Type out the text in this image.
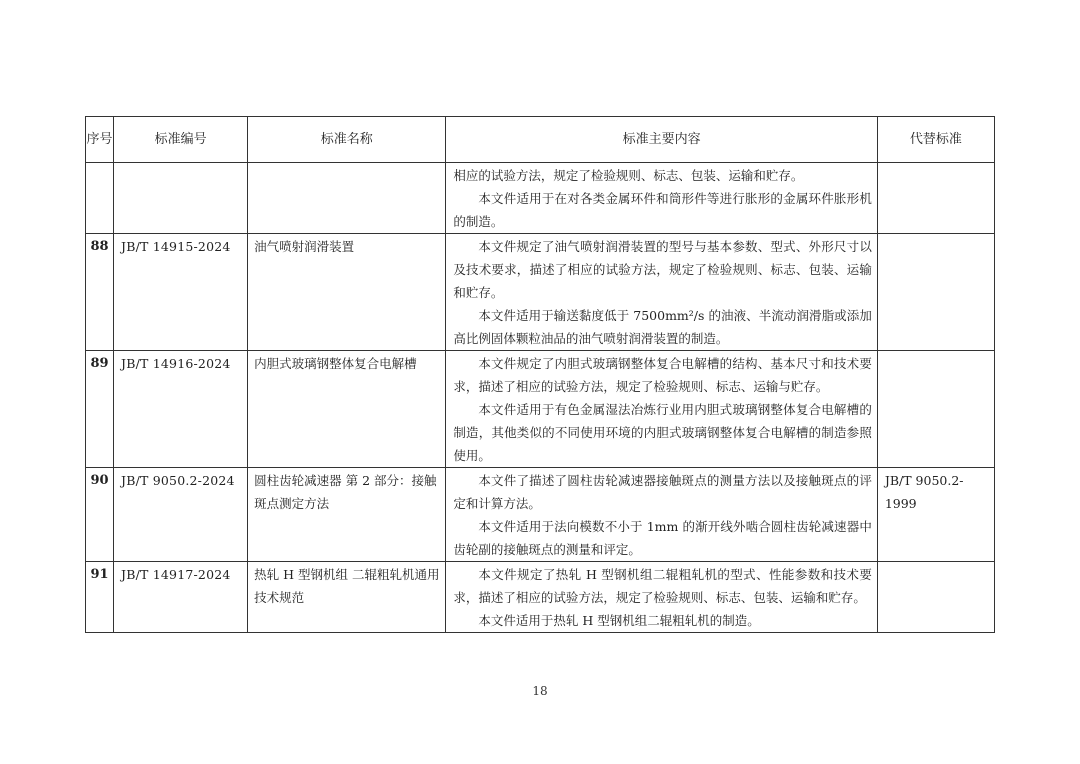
序号	标准编号	标准名称	标准主要内容	代替标准

			相应的试验方法，规定了检验规则、标志、包装、运输和贮存。

本文件适用于在对各类金属环件和筒形件等进行胀形的金属环件胀形机的制造。	

88	JB/T 14915-2024	油气喷射润滑装置	本文件规定了油气喷射润滑装置的型号与基本参数、型式、外形尺寸以及技术要求，描述了相应的试验方法，规定了检验规则、标志、包装、运输和贮存。

本文件适用于输送黏度低于 7500mm²/s 的油液、半流动润滑脂或添加高比例固体颗粒油品的油气喷射润滑装置的制造。	

89	JB/T 14916-2024	内胆式玻璃钢整体复合电解槽	本文件规定了内胆式玻璃钢整体复合电解槽的结构、基本尺寸和技术要求，描述了相应的试验方法，规定了检验规则、标志、运输与贮存。

本文件适用于有色金属湿法冶炼行业用内胆式玻璃钢整体复合电解槽的制造，其他类似的不同使用环境的内胆式玻璃钢整体复合电解槽的制造参照使用。	

90	JB/T 9050.2-2024	圆柱齿轮减速器 第 2 部分：接触斑点测定方法	本文件了描述了圆柱齿轮减速器接触斑点的测量方法以及接触斑点的评定和计算方法。

本文件适用于法向模数不小于 1mm 的渐开线外啮合圆柱齿轮减速器中齿轮副的接触斑点的测量和评定。	JB/T 9050.2-1999
91	JB/T 14917-2024	热轧 H 型钢机组 二辊粗轧机通用技术规范	本文件规定了热轧 H 型钢机组二辊粗轧机的型式、性能参数和技术要求，描述了相应的试验方法，规定了检验规则、标志、包装、运输和贮存。

本文件适用于热轧 H 型钢机组二辊粗轧机的制造。	

18
